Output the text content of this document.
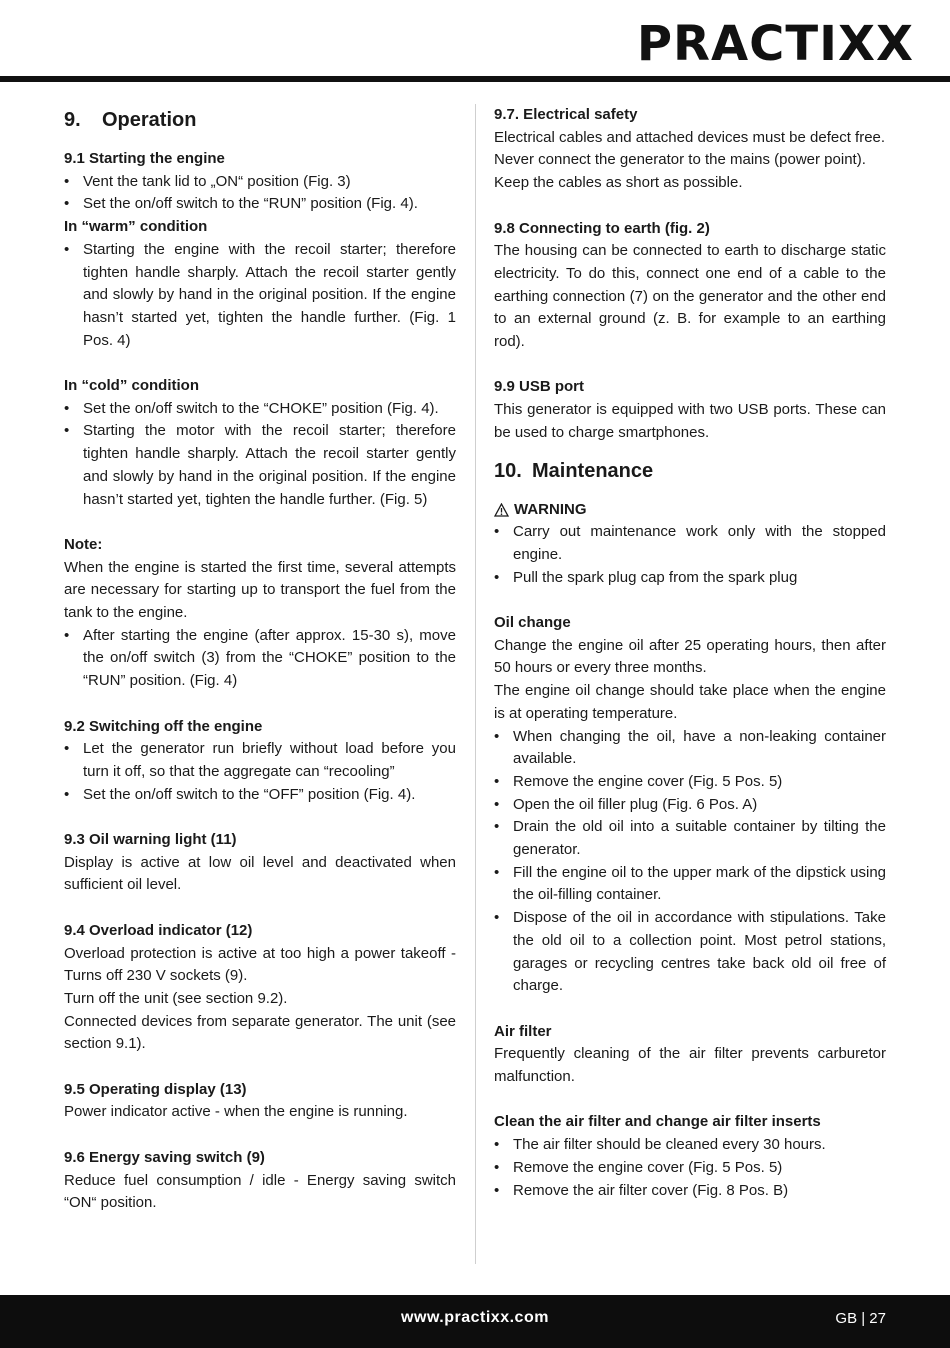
PRACTIXX
9.	Operation
9.1 Starting the engine
• Vent the tank lid to „ON“ position (Fig. 3)
• Set the on/off switch to the “RUN” position (Fig. 4).
In “warm” condition
• Starting the engine with the recoil starter; therefore tighten handle sharply. Attach the recoil starter gently and slowly by hand in the original position. If the engine hasn’t started yet, tighten the handle further. (Fig. 1 Pos. 4)
In “cold” condition
• Set the on/off switch to the “CHOKE” position (Fig. 4).
• Starting the motor with the recoil starter; therefore tighten handle sharply. Attach the recoil starter gently and slowly by hand in the original position. If the engine hasn’t started yet, tighten the handle further. (Fig. 5)
Note:

When the engine is started the first time, several attempts are necessary for starting up to transport the fuel from the tank to the engine.

• After starting the engine (after approx. 15-30 s), move the on/off switch (3) from the “CHOKE” position to the “RUN” position. (Fig. 4)
9.2 Switching off the engine
• Let the generator run briefly without load before you turn it off, so that the aggregate can “recooling”
• Set the on/off switch to the “OFF” position (Fig. 4).
9.3 Oil warning light (11)

Display is active at low oil level and deactivated when sufficient oil level.

9.4 Overload indicator (12)

Overload protection is active at too high a power takeoff - Turns off 230 V sockets (9).

Turn off the unit (see section 9.2).

Connected devices from separate generator. The unit (see section 9.1).

9.5 Operating display (13)

Power indicator active - when the engine is running.

9.6 Energy saving switch (9)

Reduce fuel consumption / idle - Energy saving switch “ON“ position.

9.7. Electrical safety

Electrical cables and attached devices must be defect free.

Never connect the generator to the mains (power point).

Keep the cables as short as possible.

9.8 Connecting to earth (fig. 2)

The housing can be connected to earth to discharge static electricity. To do this, connect one end of a cable to the earthing connection (7) on the generator and the other end to an external ground (z. B. for example to an earthing rod).

9.9 USB port

This generator is equipped with two USB ports. These can be used to charge smartphones.

10. Maintenance
WARNING
• Carry out maintenance work only with the stopped engine.
• Pull the spark plug cap from the spark plug
Oil change

Change the engine oil after 25 operating hours, then after 50 hours or every three months.

The engine oil change should take place when the engine is at operating temperature.

• When changing the oil, have a non-leaking container available.
• Remove the engine cover (Fig. 5 Pos. 5)
• Open the oil filler plug (Fig. 6 Pos. A)
• Drain the old oil into a suitable container by tilting the generator.
• Fill the engine oil to the upper mark of the dipstick using the oil-filling container.
• Dispose of the oil in accordance with stipulations. Take the old oil to a collection point. Most petrol stations, garages or recycling centres take back old oil free of charge.
Air filter

Frequently cleaning of the air filter prevents carburetor malfunction.

Clean the air filter and change air filter inserts
• The air filter should be cleaned every 30 hours.
• Remove the engine cover (Fig. 5 Pos. 5)
• Remove the air filter cover (Fig. 8 Pos. B)
www.practixx.com	GB | 27
